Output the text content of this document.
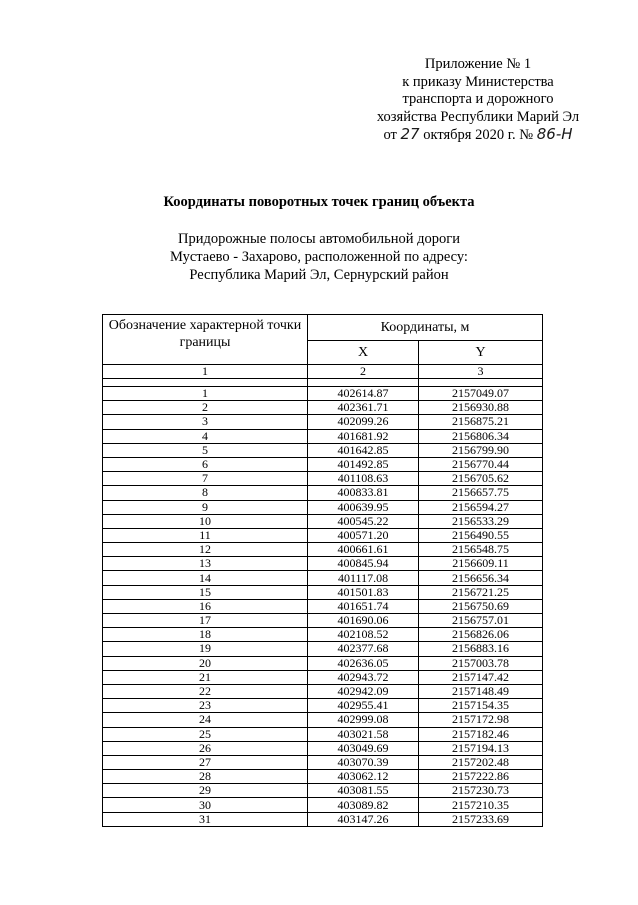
Приложение № 1
к приказу Министерства
транспорта и дорожного
хозяйства Республики Марий Эл
от 27 октября 2020 г. № 86-Н
Координаты поворотных точек границ объекта
Придорожные полосы автомобильной дороги
Мустаево - Захарово, расположенной по адресу:
Республика Марий Эл, Сернурский район
Обозначение характерной точки границы	Координаты, м	
	X	Y
1	2	3

1	402614.87	2157049.07
2	402361.71	2156930.88
3	402099.26	2156875.21
4	401681.92	2156806.34
5	401642.85	2156799.90
6	401492.85	2156770.44
7	401108.63	2156705.62
8	400833.81	2156657.75
9	400639.95	2156594.27
10	400545.22	2156533.29
11	400571.20	2156490.55
12	400661.61	2156548.75
13	400845.94	2156609.11
14	401117.08	2156656.34
15	401501.83	2156721.25
16	401651.74	2156750.69
17	401690.06	2156757.01
18	402108.52	2156826.06
19	402377.68	2156883.16
20	402636.05	2157003.78
21	402943.72	2157147.42
22	402942.09	2157148.49
23	402955.41	2157154.35
24	402999.08	2157172.98
25	403021.58	2157182.46
26	403049.69	2157194.13
27	403070.39	2157202.48
28	403062.12	2157222.86
29	403081.55	2157230.73
30	403089.82	2157210.35
31	403147.26	2157233.69
